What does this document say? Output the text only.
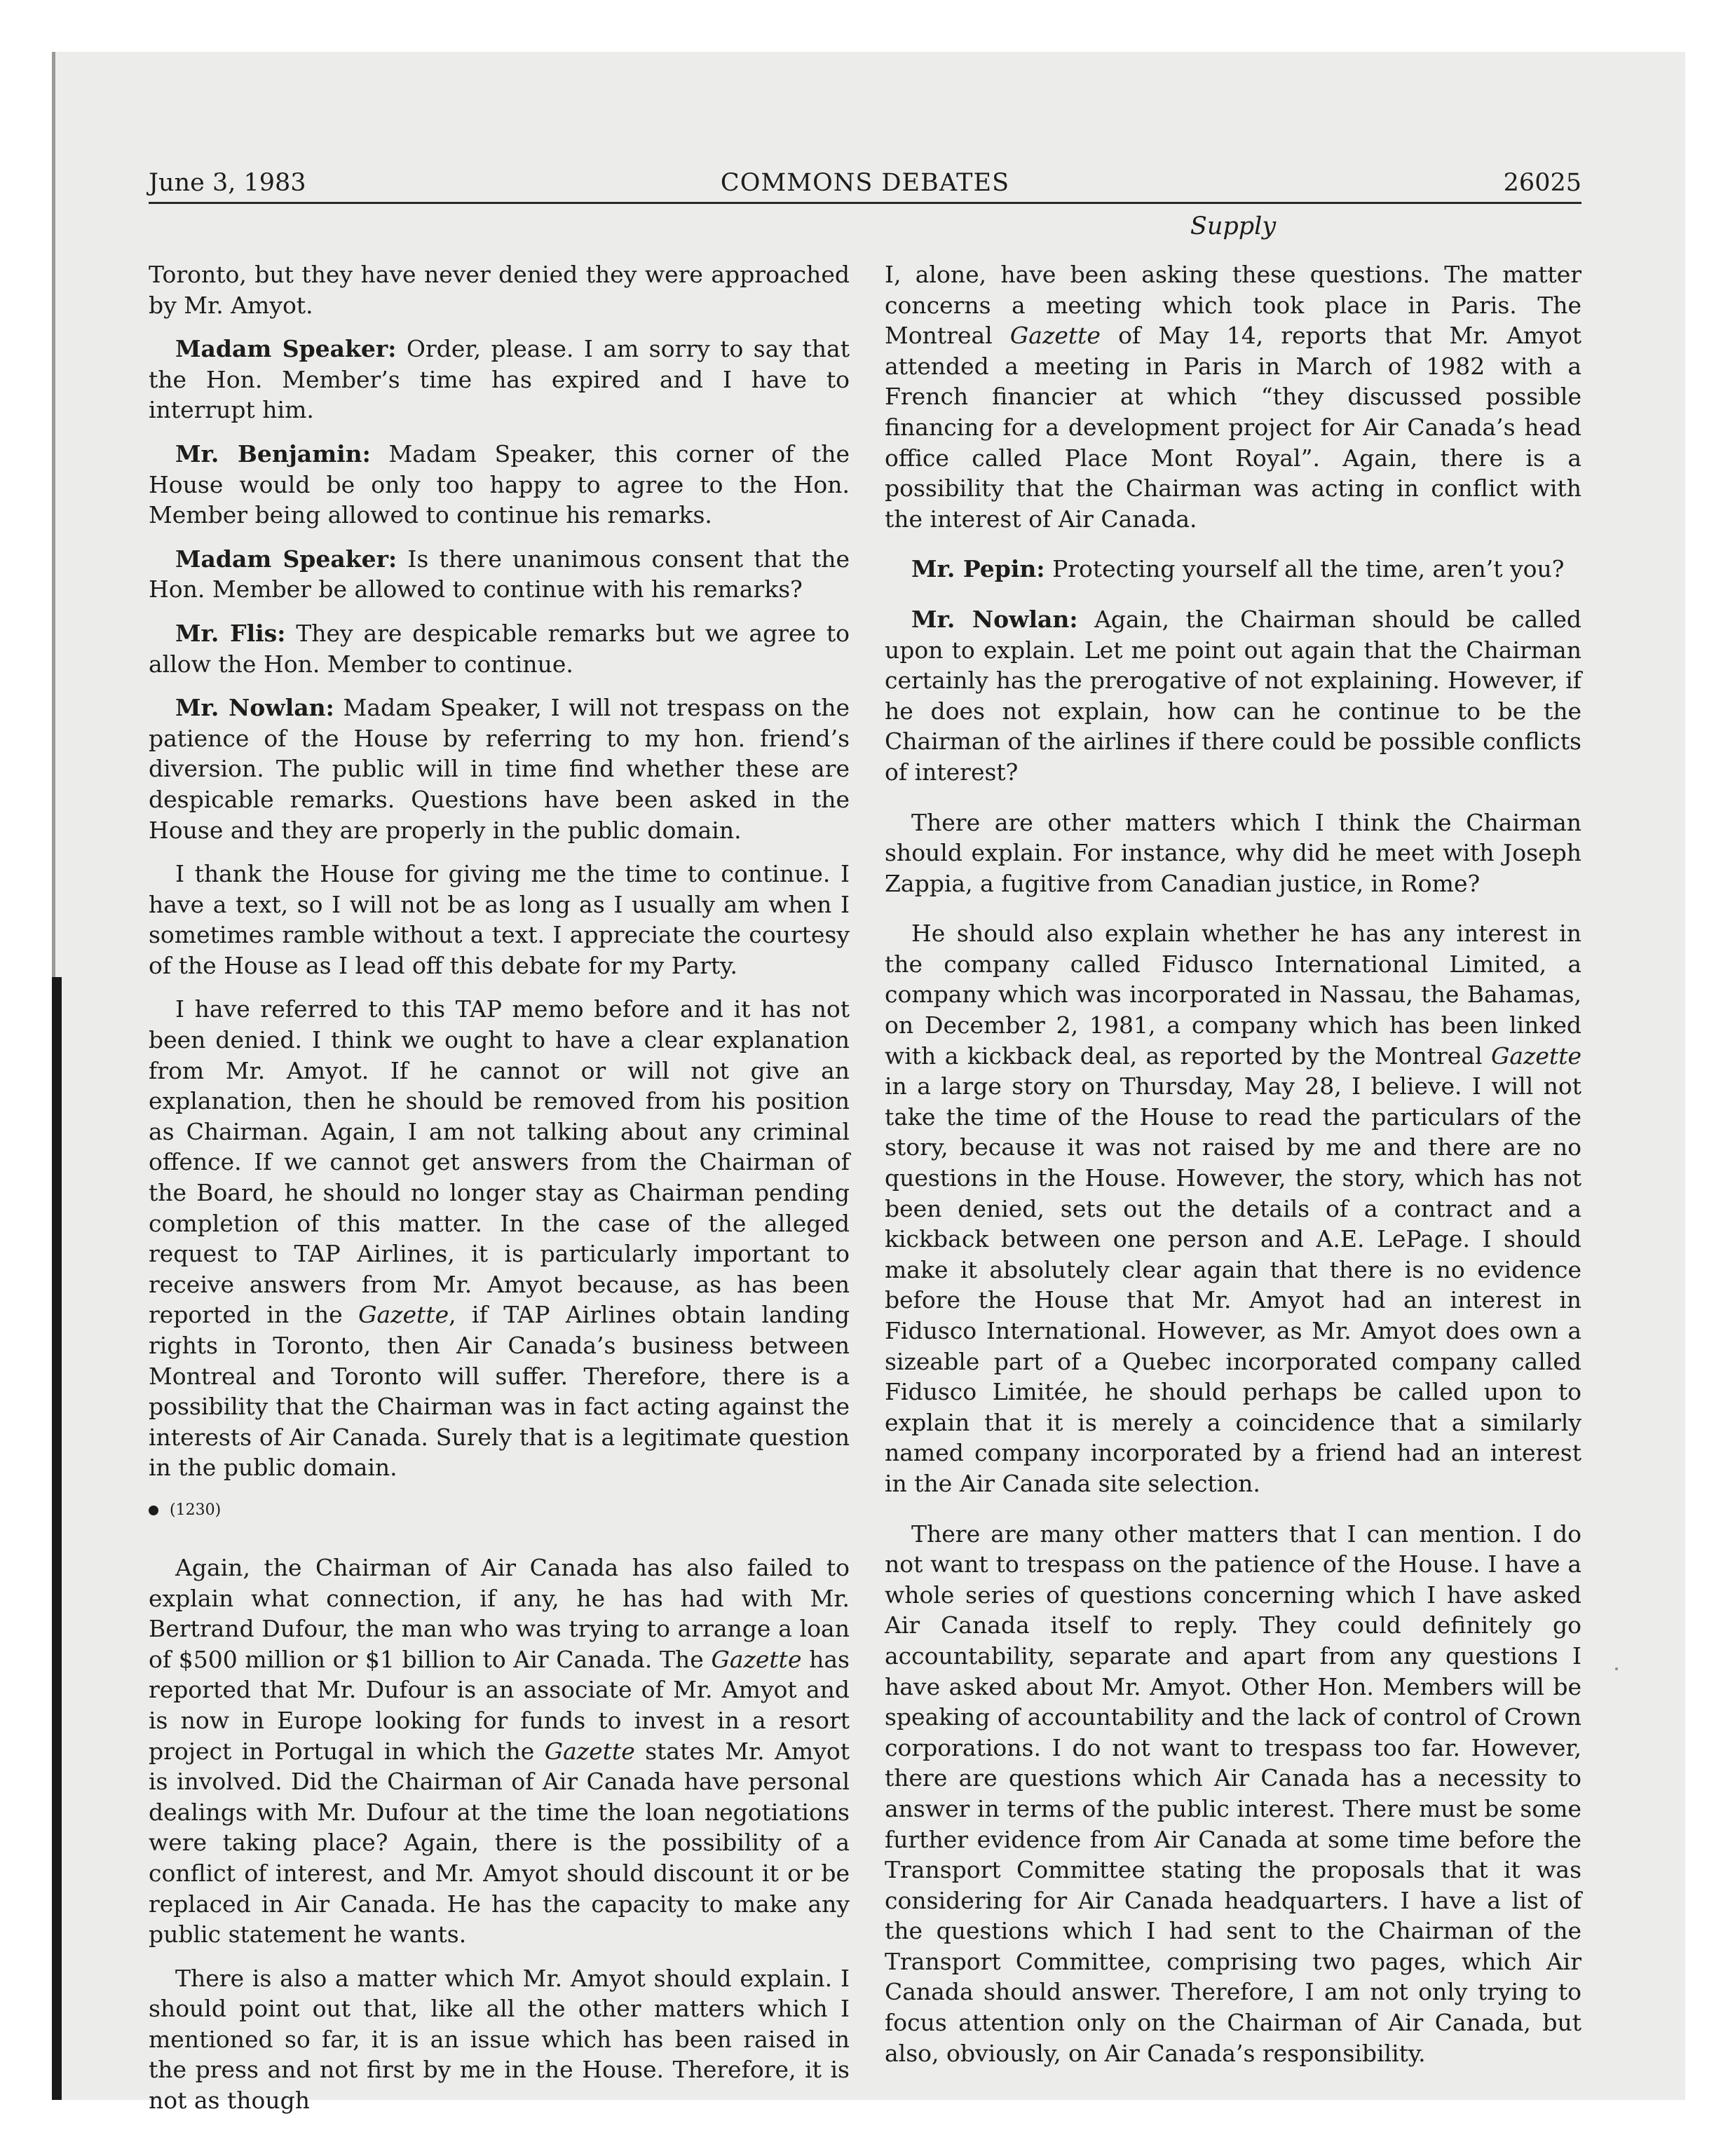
June 3, 1983	COMMONS DEBATES	26025
Supply

Toronto, but they have never denied they were approached by Mr. Amyot.

Madam Speaker: Order, please. I am sorry to say that the Hon. Member’s time has expired and I have to interrupt him.

Mr. Benjamin: Madam Speaker, this corner of the House would be only too happy to agree to the Hon. Member being allowed to continue his remarks.

Madam Speaker: Is there unanimous consent that the Hon. Member be allowed to continue with his remarks?

Mr. Flis: They are despicable remarks but we agree to allow the Hon. Member to continue.

Mr. Nowlan: Madam Speaker, I will not trespass on the patience of the House by referring to my hon. friend’s diversion. The public will in time find whether these are despicable remarks. Questions have been asked in the House and they are properly in the public domain.

I thank the House for giving me the time to continue. I have a text, so I will not be as long as I usually am when I sometimes ramble without a text. I appreciate the courtesy of the House as I lead off this debate for my Party.

I have referred to this TAP memo before and it has not been denied. I think we ought to have a clear explanation from Mr. Amyot. If he cannot or will not give an explanation, then he should be removed from his position as Chairman. Again, I am not talking about any criminal offence. If we cannot get answers from the Chairman of the Board, he should no longer stay as Chairman pending completion of this matter. In the case of the alleged request to TAP Airlines, it is particularly important to receive answers from Mr. Amyot because, as has been reported in the Gazette, if TAP Airlines obtain landing rights in Toronto, then Air Canada’s business between Montreal and Toronto will suffer. Therefore, there is a possibility that the Chairman was in fact acting against the interests of Air Canada. Surely that is a legitimate question in the public domain.

(1230)

Again, the Chairman of Air Canada has also failed to explain what connection, if any, he has had with Mr. Bertrand Dufour, the man who was trying to arrange a loan of $500 million or $1 billion to Air Canada. The Gazette has reported that Mr. Dufour is an associate of Mr. Amyot and is now in Europe looking for funds to invest in a resort project in Portugal in which the Gazette states Mr. Amyot is involved. Did the Chairman of Air Canada have personal dealings with Mr. Dufour at the time the loan negotiations were taking place? Again, there is the possibility of a conflict of interest, and Mr. Amyot should discount it or be replaced in Air Canada. He has the capacity to make any public statement he wants.

There is also a matter which Mr. Amyot should explain. I should point out that, like all the other matters which I mentioned so far, it is an issue which has been raised in the press and not first by me in the House. Therefore, it is not as though

I, alone, have been asking these questions. The matter concerns a meeting which took place in Paris. The Montreal Gazette of May 14, reports that Mr. Amyot attended a meeting in Paris in March of 1982 with a French financier at which “they discussed possible financing for a development project for Air Canada’s head office called Place Mont Royal”. Again, there is a possibility that the Chairman was acting in conflict with the interest of Air Canada.

Mr. Pepin: Protecting yourself all the time, aren’t you?

Mr. Nowlan: Again, the Chairman should be called upon to explain. Let me point out again that the Chairman certainly has the prerogative of not explaining. However, if he does not explain, how can he continue to be the Chairman of the airlines if there could be possible conflicts of interest?

There are other matters which I think the Chairman should explain. For instance, why did he meet with Joseph Zappia, a fugitive from Canadian justice, in Rome?

He should also explain whether he has any interest in the company called Fidusco International Limited, a company which was incorporated in Nassau, the Bahamas, on December 2, 1981, a company which has been linked with a kickback deal, as reported by the Montreal Gazette in a large story on Thursday, May 28, I believe. I will not take the time of the House to read the particulars of the story, because it was not raised by me and there are no questions in the House. However, the story, which has not been denied, sets out the details of a contract and a kickback between one person and A.E. LePage. I should make it absolutely clear again that there is no evidence before the House that Mr. Amyot had an interest in Fidusco International. However, as Mr. Amyot does own a sizeable part of a Quebec incorporated company called Fidusco Limitée, he should perhaps be called upon to explain that it is merely a coincidence that a similarly named company incorporated by a friend had an interest in the Air Canada site selection.

There are many other matters that I can mention. I do not want to trespass on the patience of the House. I have a whole series of questions concerning which I have asked Air Canada itself to reply. They could definitely go accountability, separate and apart from any questions I have asked about Mr. Amyot. Other Hon. Members will be speaking of accountability and the lack of control of Crown corporations. I do not want to trespass too far. However, there are questions which Air Canada has a necessity to answer in terms of the public interest. There must be some further evidence from Air Canada at some time before the Transport Committee stating the proposals that it was considering for Air Canada headquarters. I have a list of the questions which I had sent to the Chairman of the Transport Committee, comprising two pages, which Air Canada should answer. Therefore, I am not only trying to focus attention only on the Chairman of Air Canada, but also, obviously, on Air Canada’s responsibility.
